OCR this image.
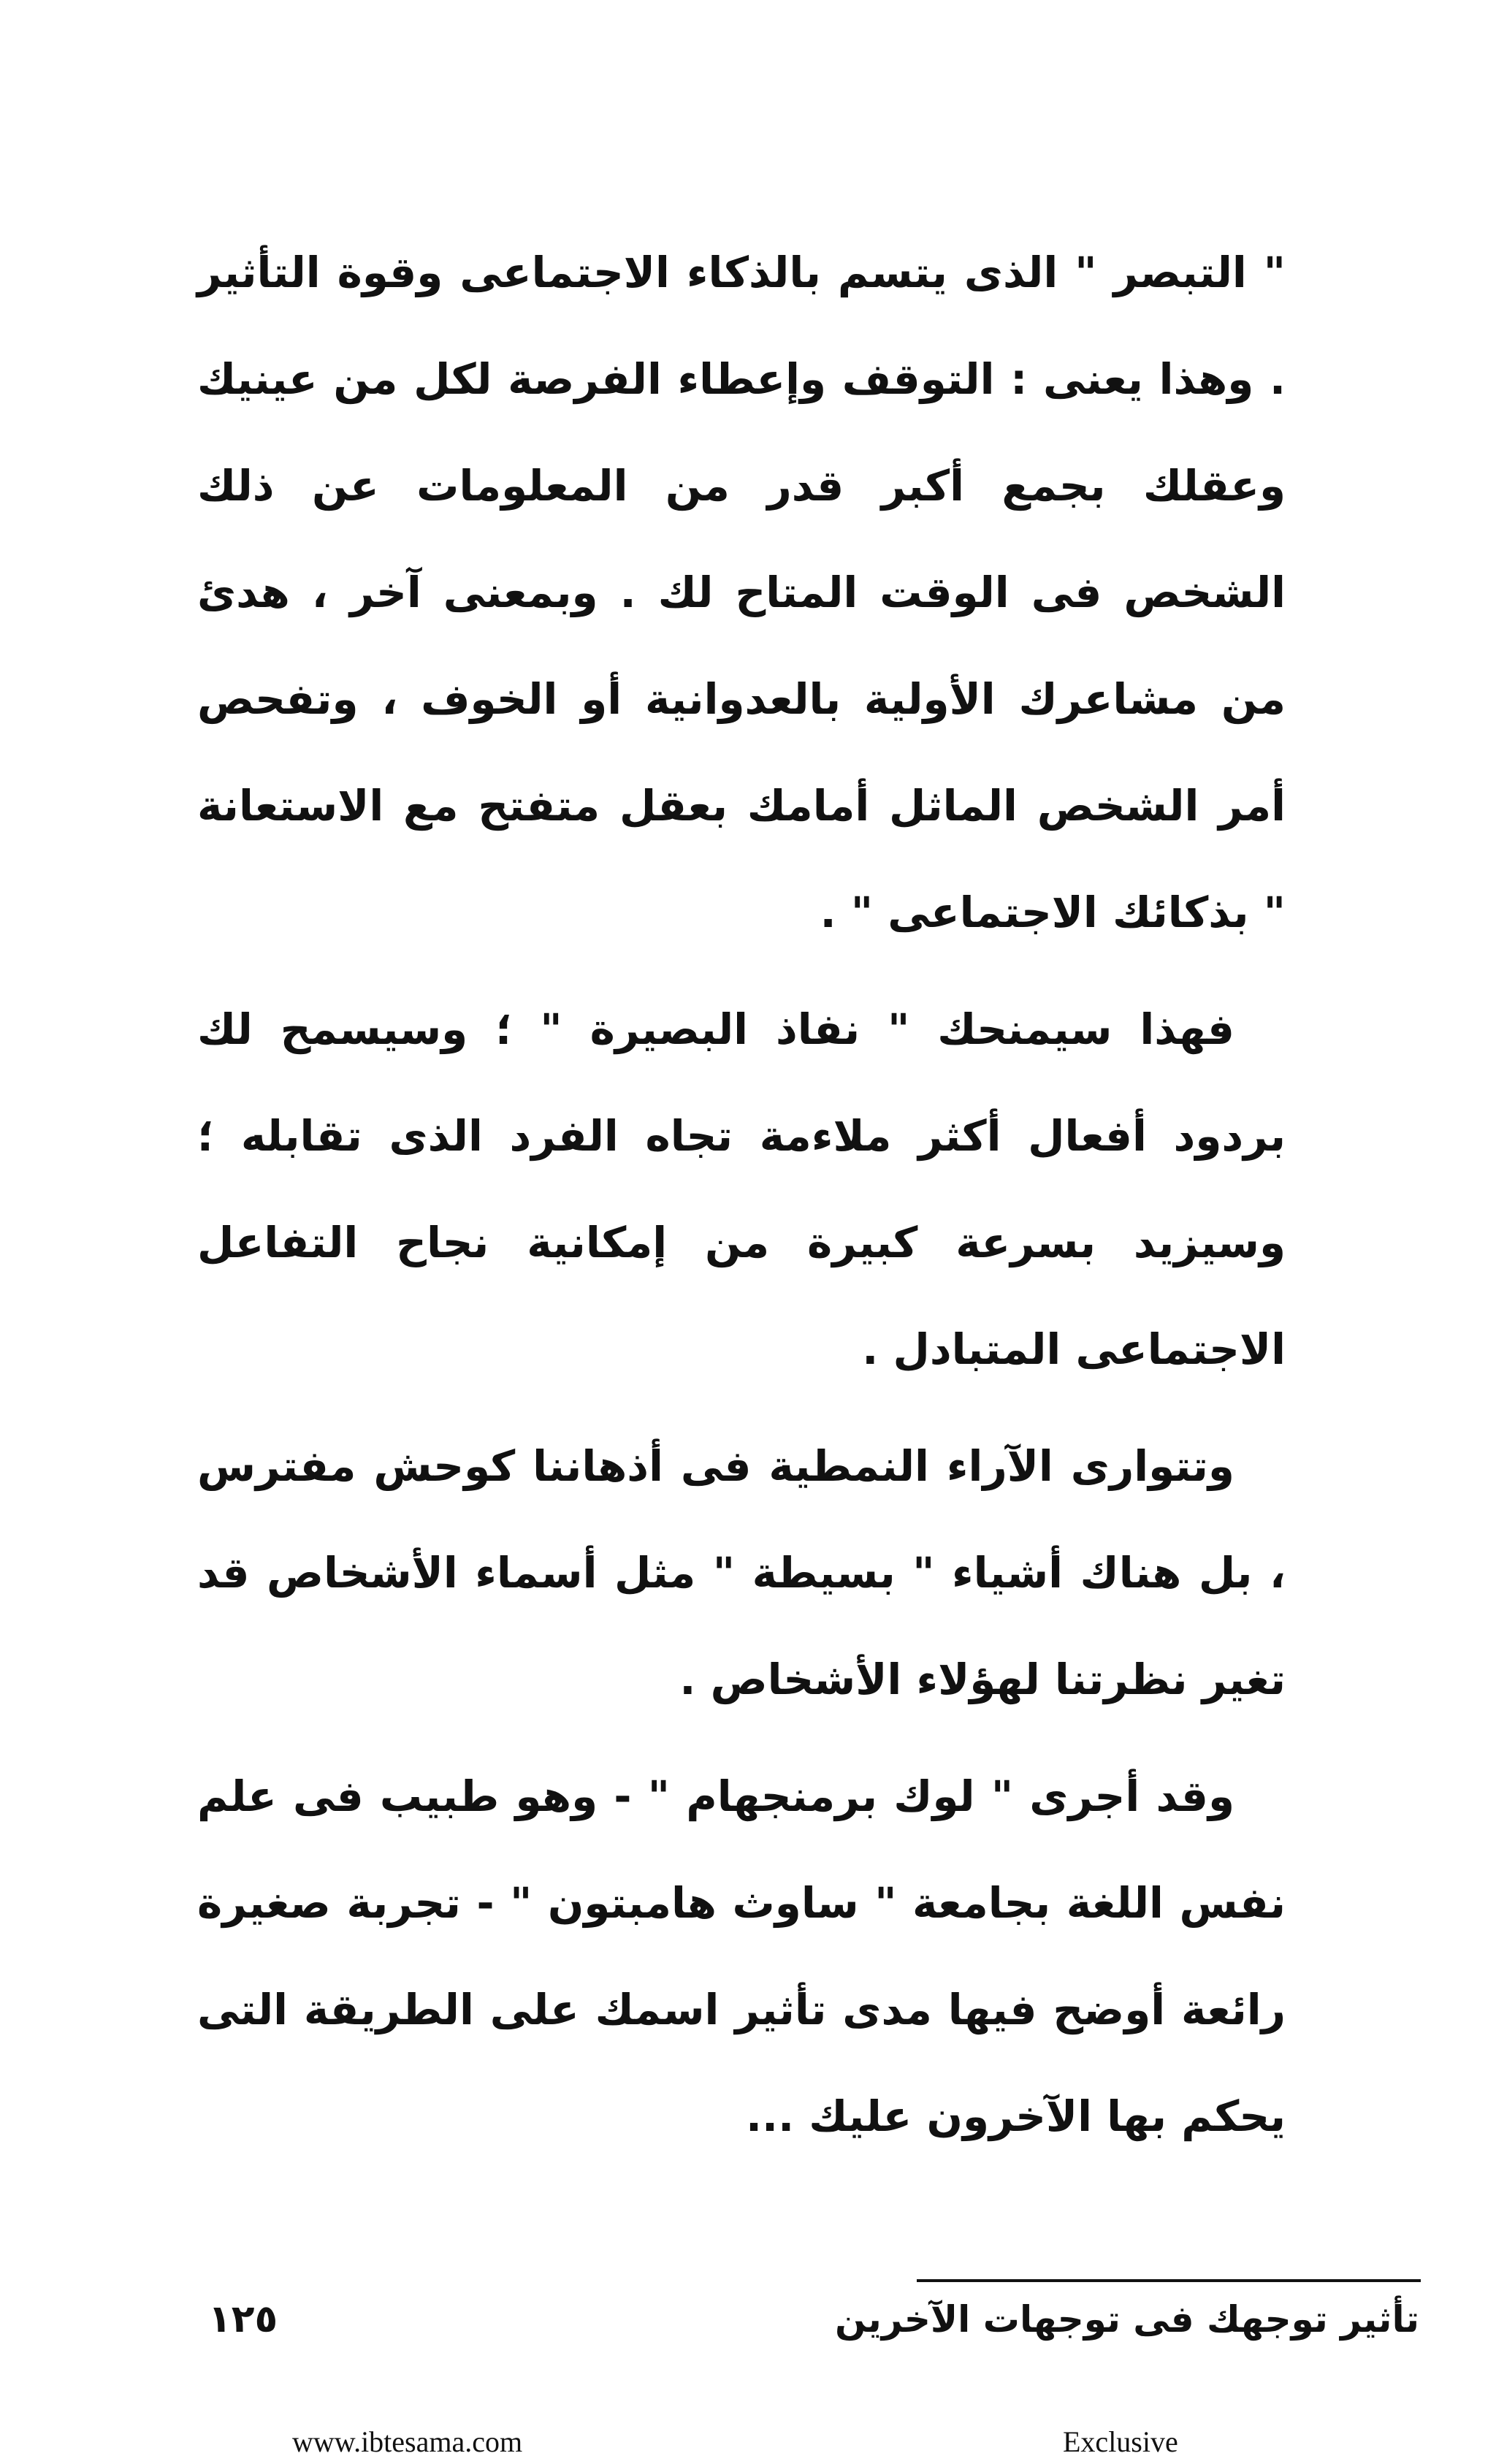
" التبصر " الذى يتسم بالذكاء الاجتماعى وقوة التأثير . وهذا يعنى : التوقف وإعطاء الفرصة لكل من عينيك وعقلك بجمع أكبر قدر من المعلومات عن ذلك الشخص فى الوقت المتاح لك . وبمعنى آخر ، هدئ من مشاعرك الأولية بالعدوانية أو الخوف ، وتفحص أمر الشخص الماثل أمامك بعقل متفتح مع الاستعانة " بذكائك الاجتماعى " .

فهذا سيمنحك " نفاذ البصيرة " ؛ وسيسمح لك بردود أفعال أكثر ملاءمة تجاه الفرد الذى تقابله ؛ وسيزيد بسرعة كبيرة من إمكانية نجاح التفاعل الاجتماعى المتبادل .

وتتوارى الآراء النمطية فى أذهاننا كوحش مفترس ، بل هناك أشياء " بسيطة " مثل أسماء الأشخاص قد تغير نظرتنا لهؤلاء الأشخاص .

وقد أجرى " لوك برمنجهام " - وهو طبيب فى علم نفس اللغة بجامعة " ساوث هامبتون " - تجربة صغيرة رائعة أوضح فيها مدى تأثير اسمك على الطريقة التى يحكم بها الآخرون عليك ...

تأثير توجهك فى توجهات الآخرين
١٢٥
www.ibtesama.com	Exclusive
